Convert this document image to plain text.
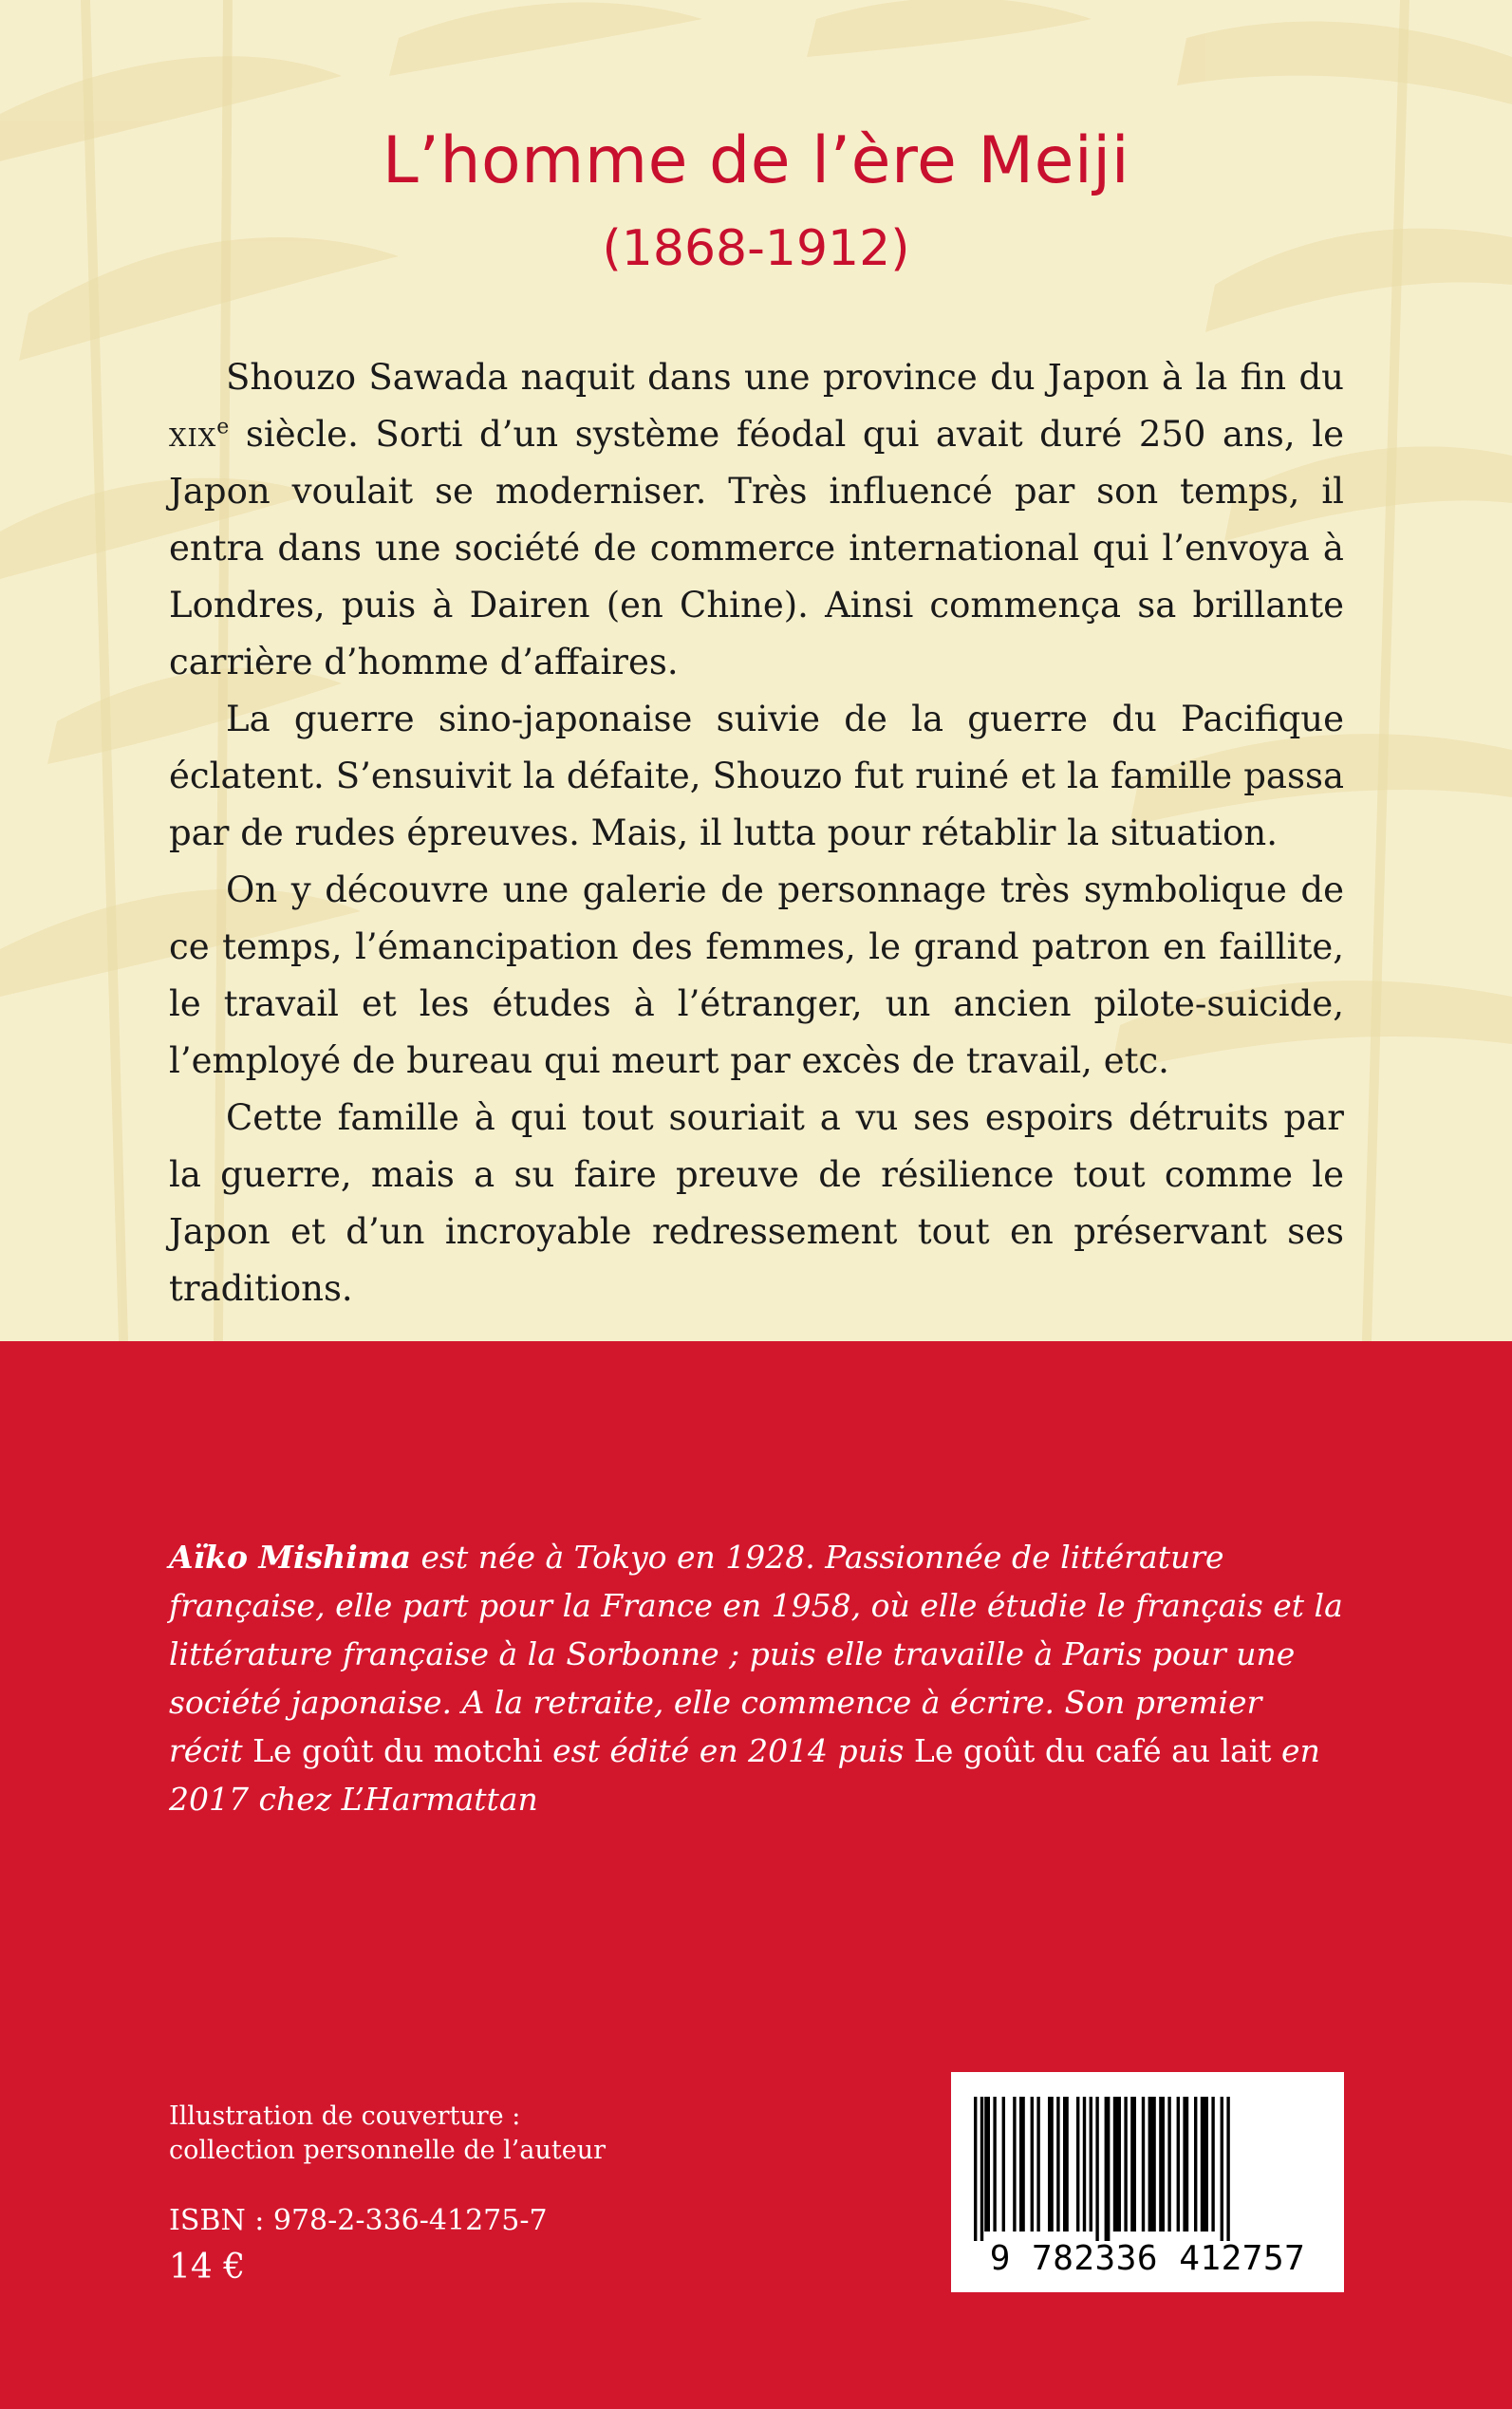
L’homme de l’ère Meiji
(1868-1912)

Shouzo Sawada naquit dans une province du Japon à la fin du xix$^e$ siècle. Sorti d’un système féodal qui avait duré 250 ans, le Japon voulait se moderniser. Très influencé par son temps, il entra dans une société de commerce international qui l’envoya à Londres, puis à Dairen (en Chine). Ainsi commença sa brillante carrière d’homme d’affaires.

La guerre sino-japonaise suivie de la guerre du Pacifique éclatent. S’ensuivit la défaite, Shouzo fut ruiné et la famille passa par de rudes épreuves. Mais, il lutta pour rétablir la situation.

On y découvre une galerie de personnage très symbolique de ce temps, l’émancipation des femmes, le grand patron en faillite, le travail et les études à l’étranger, un ancien pilote-suicide, l’employé de bureau qui meurt par excès de travail, etc.

Cette famille à qui tout souriait a vu ses espoirs détruits par la guerre, mais a su faire preuve de résilience tout comme le Japon et d’un incroyable redressement tout en préservant ses traditions.

Aïko Mishima est née à Tokyo en 1928. Passionnée de littérature française, elle part pour la France en 1958, où elle étudie le français et la littérature française à la Sorbonne ; puis elle travaille à Paris pour une société japonaise. A la retraite, elle commence à écrire. Son premier récit Le goût du motchi est édité en 2014 puis Le goût du café au lait en 2017 chez L’Harmattan
Illustration de couverture :
collection personnelle de l’auteur
ISBN : 978-2-336-41275-7
14 €	9 782336 412757
